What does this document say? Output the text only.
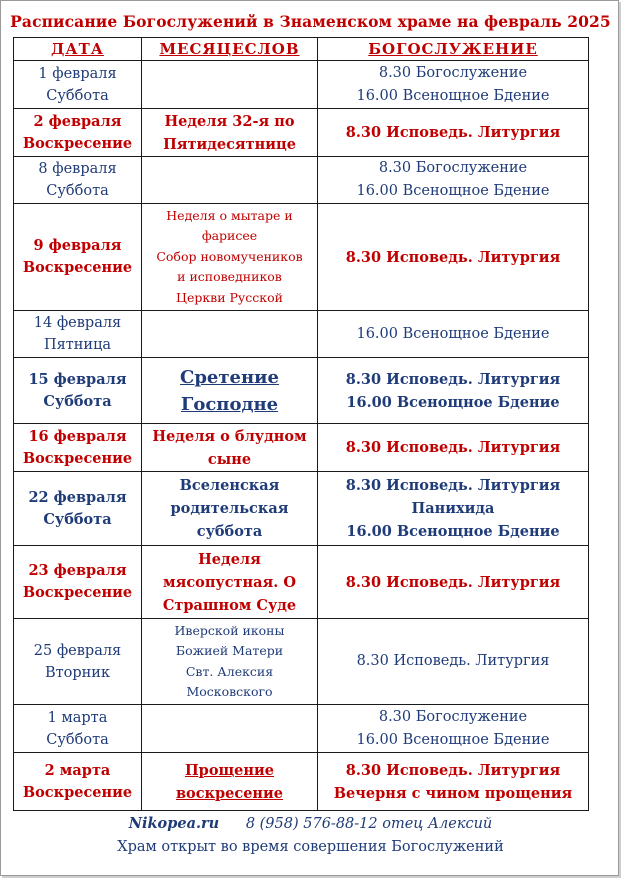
Расписание Богослужений в Знаменском храме на февраль 2025
ДАТА	МЕСЯЦЕСЛОВ	БОГОСЛУЖЕНИЕ

1 февраля
Суббота		8.30 Богослужение
16.00 Всенощное Бдение

2 февраля
Воскресение	Неделя 32-я по
Пятидесятнице	8.30 Исповедь. Литургия

8 февраля
Суббота		8.30 Богослужение
16.00 Всенощное Бдение

9 февраля
Воскресение	Неделя о мытаре и
фарисее
Собор новомучеников
и исповедников
Церкви Русской	8.30 Исповедь. Литургия

14 февраля
Пятница		16.00 Всенощное Бдение

15 февраля
Суббота	Сретение
Господне	8.30 Исповедь. Литургия
16.00 Всенощное Бдение

16 февраля
Воскресение	Неделя о блудном
сыне	8.30 Исповедь. Литургия

22 февраля
Суббота	Вселенская
родительская
суббота	8.30 Исповедь. Литургия
Панихида
16.00 Всенощное Бдение

23 февраля
Воскресение	Неделя
мясопустная. О
Страшном Суде	8.30 Исповедь. Литургия

25 февраля
Вторник	Иверской иконы
Божией Матери
Свт. Алексия
Московского	8.30 Исповедь. Литургия

1 марта
Суббота		8.30 Богослужение
16.00 Всенощное Бдение

2 марта
Воскресение	Прощение
воскресение	8.30 Исповедь. Литургия
Вечерня с чином прощения
Nikopea.ru 8 (958) 576-88-12 отец Алексий
Храм открыт во время совершения Богослужений
